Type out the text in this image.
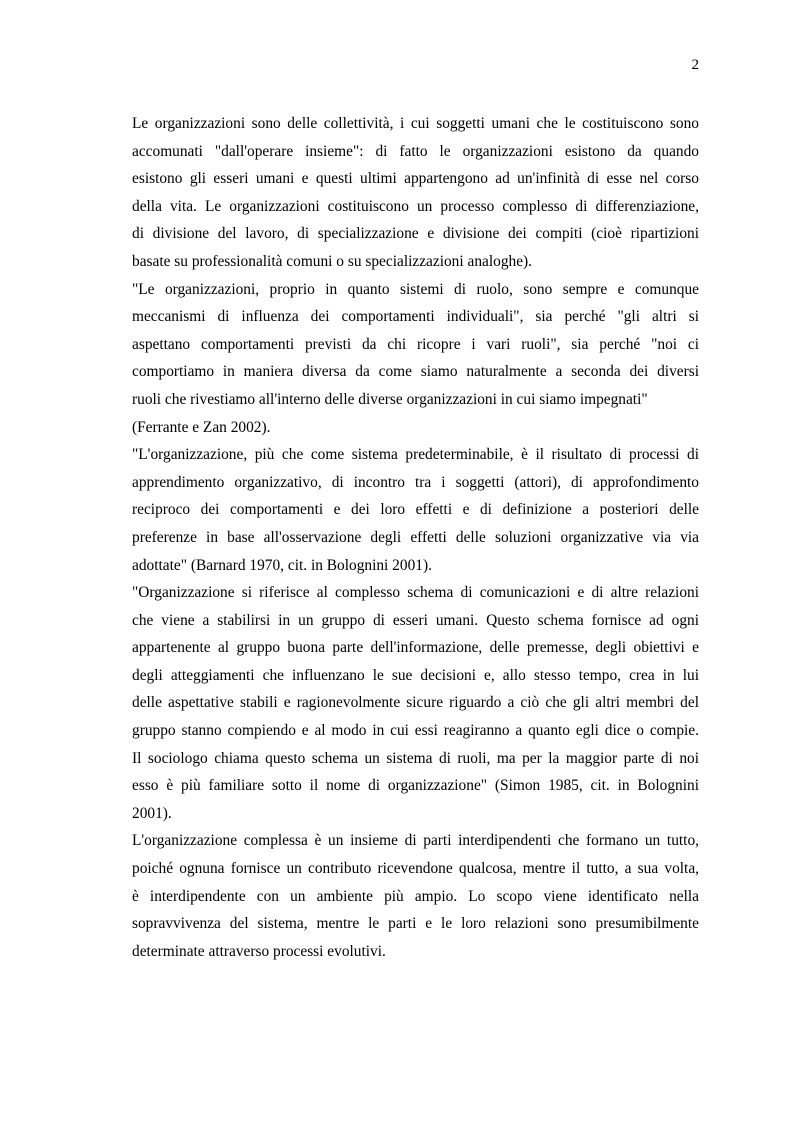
2

Le organizzazioni sono delle collettività, i cui soggetti umani che le costituiscono sono
accomunati "dall'operare insieme": di fatto le organizzazioni esistono da quando
esistono gli esseri umani e questi ultimi appartengono ad un'infinità di esse nel corso
della vita. Le organizzazioni costituiscono un processo complesso di differenziazione,
di divisione del lavoro, di specializzazione e divisione dei compiti (cioè ripartizioni
basate su professionalità comuni o su specializzazioni analoghe).

"Le organizzazioni, proprio in quanto sistemi di ruolo, sono sempre e comunque
meccanismi di influenza dei comportamenti individuali", sia perché "gli altri si
aspettano comportamenti previsti da chi ricopre i vari ruoli", sia perché "noi ci
comportiamo in maniera diversa da come siamo naturalmente a seconda dei diversi
ruoli che rivestiamo all'interno delle diverse organizzazioni in cui siamo impegnati"
(Ferrante e Zan 2002).

"L'organizzazione, più che come sistema predeterminabile, è il risultato di processi di
apprendimento organizzativo, di incontro tra i soggetti (attori), di approfondimento
reciproco dei comportamenti e dei loro effetti e di definizione a posteriori delle
preferenze in base all'osservazione degli effetti delle soluzioni organizzative via via
adottate" (Barnard 1970, cit. in Bolognini 2001).

"Organizzazione si riferisce al complesso schema di comunicazioni e di altre relazioni
che viene a stabilirsi in un gruppo di esseri umani. Questo schema fornisce ad ogni
appartenente al gruppo buona parte dell'informazione, delle premesse, degli obiettivi e
degli atteggiamenti che influenzano le sue decisioni e, allo stesso tempo, crea in lui
delle aspettative stabili e ragionevolmente sicure riguardo a ciò che gli altri membri del
gruppo stanno compiendo e al modo in cui essi reagiranno a quanto egli dice o compie.
Il sociologo chiama questo schema un sistema di ruoli, ma per la maggior parte di noi
esso è più familiare sotto il nome di organizzazione" (Simon 1985, cit. in Bolognini
2001).

L'organizzazione complessa è un insieme di parti interdipendenti che formano un tutto,
poiché ognuna fornisce un contributo ricevendone qualcosa, mentre il tutto, a sua volta,
è interdipendente con un ambiente più ampio. Lo scopo viene identificato nella
sopravvivenza del sistema, mentre le parti e le loro relazioni sono presumibilmente
determinate attraverso processi evolutivi.
